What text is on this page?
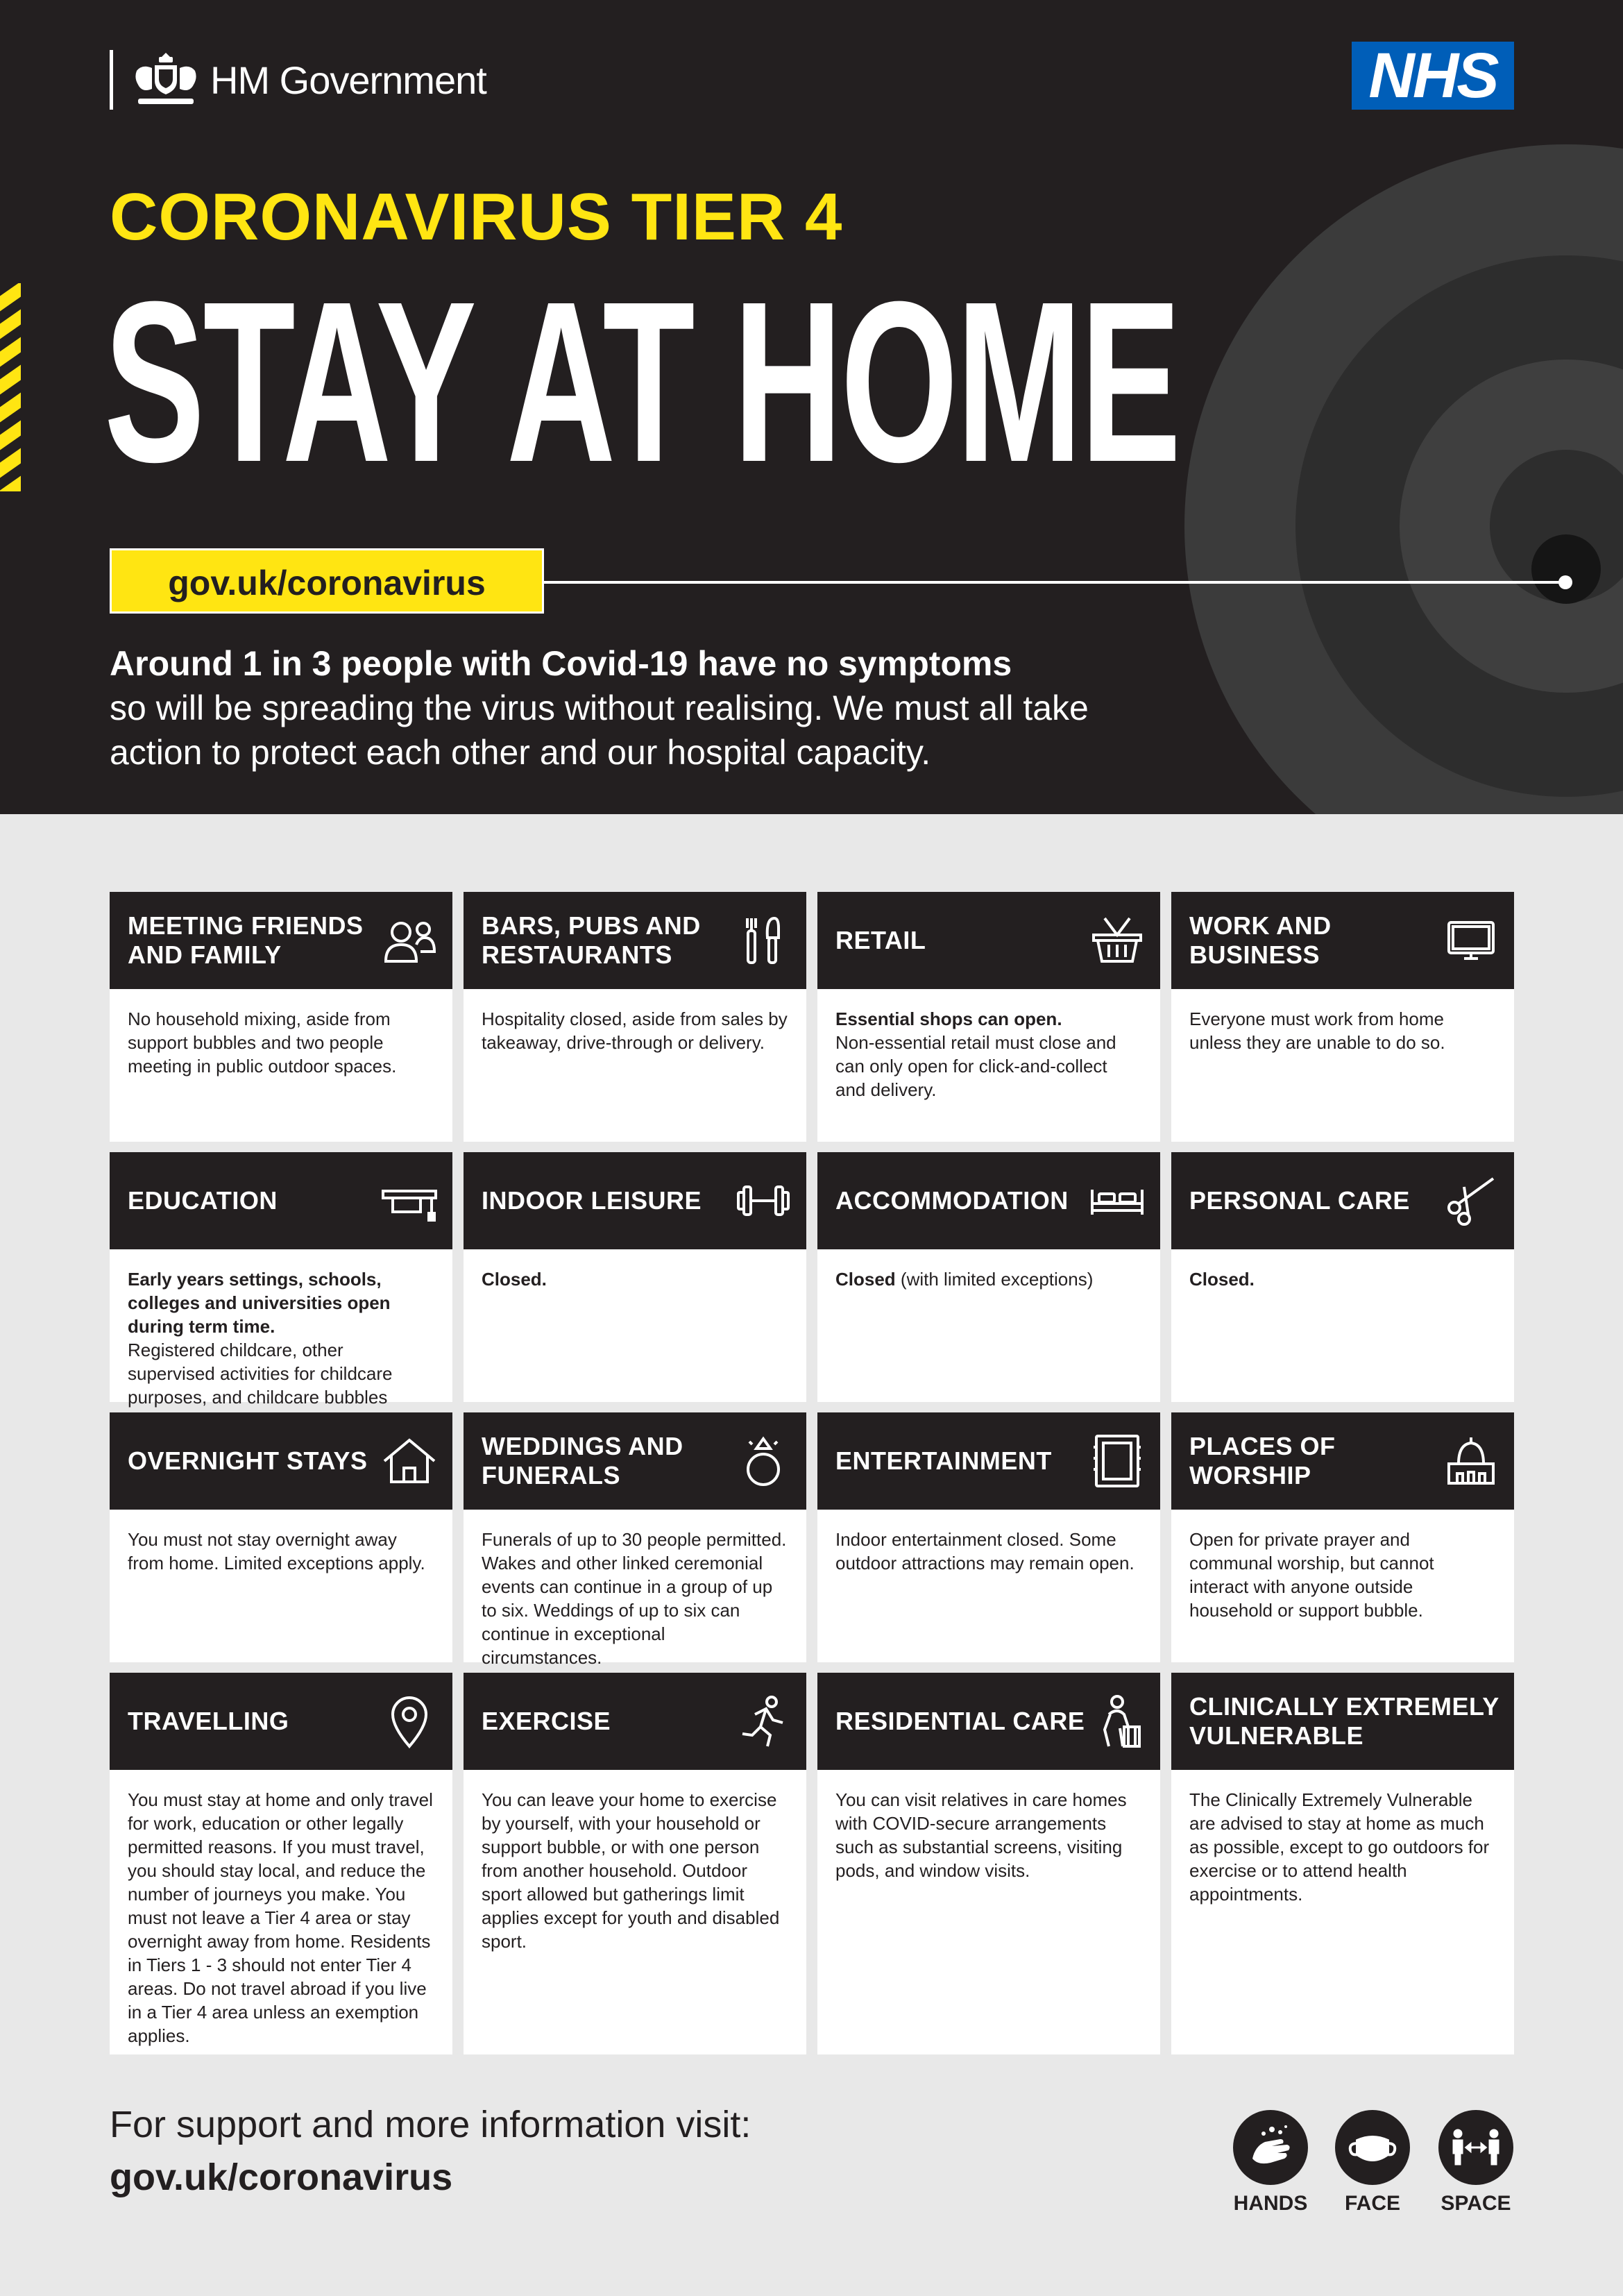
HM Government	NHS
CORONAVIRUS TIER 4
STAY AT HOME
gov.uk/coronavirus
Around 1 in 3 people with Covid-19 have no symptoms
so will be spreading the virus without realising. We must all take action to protect each other and our hospital capacity.
MEETING FRIENDS AND FAMILY
No household mixing, aside from support bubbles and two people meeting in public outdoor spaces.
BARS, PUBS AND RESTAURANTS
Hospitality closed, aside from sales by takeaway, drive-through or delivery.
RETAIL
Essential shops can open.
Non-essential retail must close and can only open for click-and-collect and delivery.
WORK AND BUSINESS
Everyone must work from home unless they are unable to do so.
EDUCATION
Early years settings, schools, colleges and universities open during term time.
Registered childcare, other supervised activities for childcare purposes, and childcare bubbles
INDOOR LEISURE
Closed.
ACCOMMODATION
Closed (with limited exceptions)
PERSONAL CARE
Closed.
OVERNIGHT STAYS
You must not stay overnight away from home. Limited exceptions apply.
WEDDINGS AND FUNERALS
Funerals of up to 30 people permitted. Wakes and other linked ceremonial events can continue in a group of up to six. Weddings of up to six can continue in exceptional circumstances.
ENTERTAINMENT
Indoor entertainment closed. Some outdoor attractions may remain open.
PLACES OF WORSHIP
Open for private prayer and communal worship, but cannot interact with anyone outside household or support bubble.
TRAVELLING
You must stay at home and only travel for work, education or other legally permitted reasons. If you must travel, you should stay local, and reduce the number of journeys you make. You must not leave a Tier 4 area or stay overnight away from home. Residents in Tiers 1 - 3 should not enter Tier 4 areas. Do not travel abroad if you live in a Tier 4 area unless an exemption applies.
EXERCISE
You can leave your home to exercise by yourself, with your household or support bubble, or with one person from another household. Outdoor sport allowed but gatherings limit applies except for youth and disabled sport.
RESIDENTIAL CARE
You can visit relatives in care homes with COVID-secure arrangements such as substantial screens, visiting pods, and window visits.
CLINICALLY EXTREMELY VULNERABLE
The Clinically Extremely Vulnerable are advised to stay at home as much as possible, except to go outdoors for exercise or to attend health appointments.
For support and more information visit:
gov.uk/coronavirus
HANDS	FACE	SPACE
